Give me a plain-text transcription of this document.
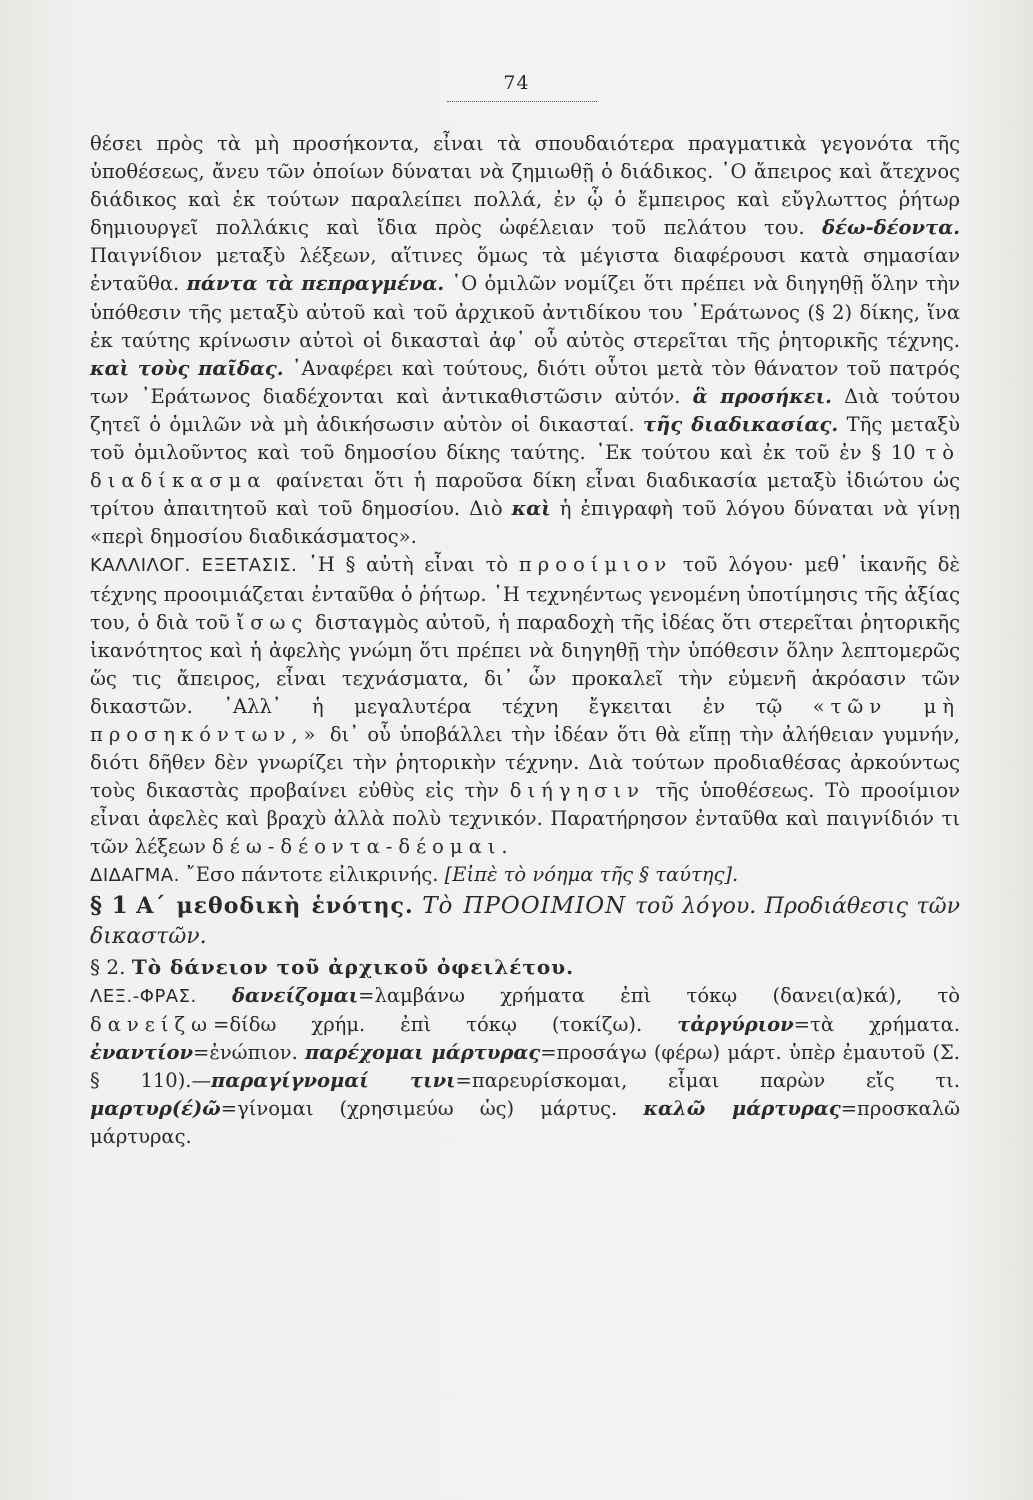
74

θέσει πρὸς τὰ μὴ προσήκοντα, εἶναι τὰ σπουδαιότερα πραγματικὰ γεγονότα τῆς ὑποθέσεως, ἄνευ τῶν ὁποίων δύναται νὰ ζημιωθῇ ὁ διάδικος. ῾Ο ἄπειρος καὶ ἄτεχνος διάδικος καὶ ἐκ τούτων παραλείπει πολλά, ἐν ᾧ ὁ ἔμπειρος καὶ εὔγλωττος ῥήτωρ δημιουργεῖ πολλάκις καὶ ἴδια πρὸς ὠφέλειαν τοῦ πελάτου του. δέω-δέοντα. Παιγνίδιον μεταξὺ λέξεων, αἵτινες ὅμως τὰ μέγιστα διαφέρουσι κατὰ σημασίαν ἐνταῦθα. πάντα τὰ πεπραγμένα. ῾Ο ὁμιλῶν νομίζει ὅτι πρέπει νὰ διηγηθῇ ὅλην τὴν ὑπόθεσιν τῆς μεταξὺ αὐτοῦ καὶ τοῦ ἀρχικοῦ ἀντιδίκου του ᾿Εράτωνος (§ 2) δίκης, ἵνα ἐκ ταύτης κρίνωσιν αὐτοὶ οἱ δικασταὶ ἀφ᾿ οὗ αὐτὸς στερεῖται τῆς ῥητορικῆς τέχνης. καὶ τοὺς παῖδας. ᾿Αναφέρει καὶ τούτους, διότι οὗτοι μετὰ τὸν θάνατον τοῦ πατρός των ᾿Εράτωνος διαδέχονται καὶ ἀντικαθιστῶσιν αὐτόν. ἃ προσήκει. Διὰ τούτου ζητεῖ ὁ ὁμιλῶν νὰ μὴ ἀδικήσωσιν αὐτὸν οἱ δικασταί. τῆς διαδικασίας. Τῆς μεταξὺ τοῦ ὁμιλοῦντος καὶ τοῦ δημοσίου δίκης ταύτης. ᾿Εκ τούτου καὶ ἐκ τοῦ ἐν § 10 τὸ διαδίκασμα φαίνεται ὅτι ἡ παροῦσα δίκη εἶναι διαδικασία μεταξὺ ἰδιώτου ὡς τρίτου ἀπαιτητοῦ καὶ τοῦ δημοσίου. Διὸ καὶ ἡ ἐπιγραφὴ τοῦ λόγου δύναται νὰ γίνῃ «περὶ δημοσίου διαδικάσματος».

ΚΑΛΛΙΛΟΓ. ΕΞΕΤΑΣΙΣ. ῾Η § αὐτὴ εἶναι τὸ προοίμιον τοῦ λόγου· μεθ᾿ ἱκανῆς δὲ τέχνης προοιμιάζεται ἐνταῦθα ὁ ῥήτωρ. ῾Η τεχνηέντως γενομένη ὑποτίμησις τῆς ἀξίας του, ὁ διὰ τοῦ ἴσως δισταγμὸς αὐτοῦ, ἡ παραδοχὴ τῆς ἰδέας ὅτι στερεῖται ῥητορικῆς ἱκανότητος καὶ ἡ ἀφελὴς γνώμη ὅτι πρέπει νὰ διηγηθῇ τὴν ὑπόθεσιν ὅλην λεπτομερῶς ὥς τις ἄπειρος, εἶναι τεχνάσματα, δι᾿ ὧν προκαλεῖ τὴν εὐμενῆ ἀκρόασιν τῶν δικαστῶν. ᾿Αλλ᾿ ἡ μεγαλυτέρα τέχνη ἔγκειται ἐν τῷ «τῶν μὴ προσηκόντων,» δι᾿ οὗ ὑποβάλλει τὴν ἰδέαν ὅτι θὰ εἴπῃ τὴν ἀλήθειαν γυμνήν, διότι δῆθεν δὲν γνωρίζει τὴν ῥητορικὴν τέχνην. Διὰ τούτων προδιαθέσας ἀρκούντως τοὺς δικαστὰς προβαίνει εὐθὺς εἰς τὴν διήγησιν τῆς ὑποθέσεως. Τὸ προοίμιον εἶναι ἀφελὲς καὶ βραχὺ ἀλλὰ πολὺ τεχνικόν. Παρατήρησον ἐνταῦθα καὶ παιγνίδιόν τι τῶν λέξεων δέω-δέοντα-δέομαι.

ΔΙΔΑΓΜΑ. ῎Εσο πάντοτε εἰλικρινής. [Εἰπὲ τὸ νόημα τῆς § ταύτης].

§ 1 Α΄ μεθοδικὴ ἑνότης. Τὸ ΠΡΟΟΙΜΙΟΝ τοῦ λόγου. Προδιάθεσις τῶν δικαστῶν.

§ 2. Τὸ δάνειον τοῦ ἀρχικοῦ ὀφειλέτου.

ΛΕΞ.-ΦΡΑΣ. δανείζομαι=λαμβάνω χρήματα ἐπὶ τόκῳ (δανει(α)κά), τὸ δανείζω=δίδω χρήμ. ἐπὶ τόκῳ (τοκίζω). τἀργύριον=τὰ χρήματα. ἐναντίον=ἐνώπιον. παρέχομαι μάρτυρας=προσάγω (φέρω) μάρτ. ὑπὲρ ἐμαυτοῦ (Σ. § 110).—παραγίγνομαί τινι=παρευρίσκομαι, εἶμαι παρὼν εἴς τι. μαρτυρ(έ)ῶ=γίνομαι (χρησιμεύω ὡς) μάρτυς. καλῶ μάρτυρας=προσκαλῶ μάρτυρας.
